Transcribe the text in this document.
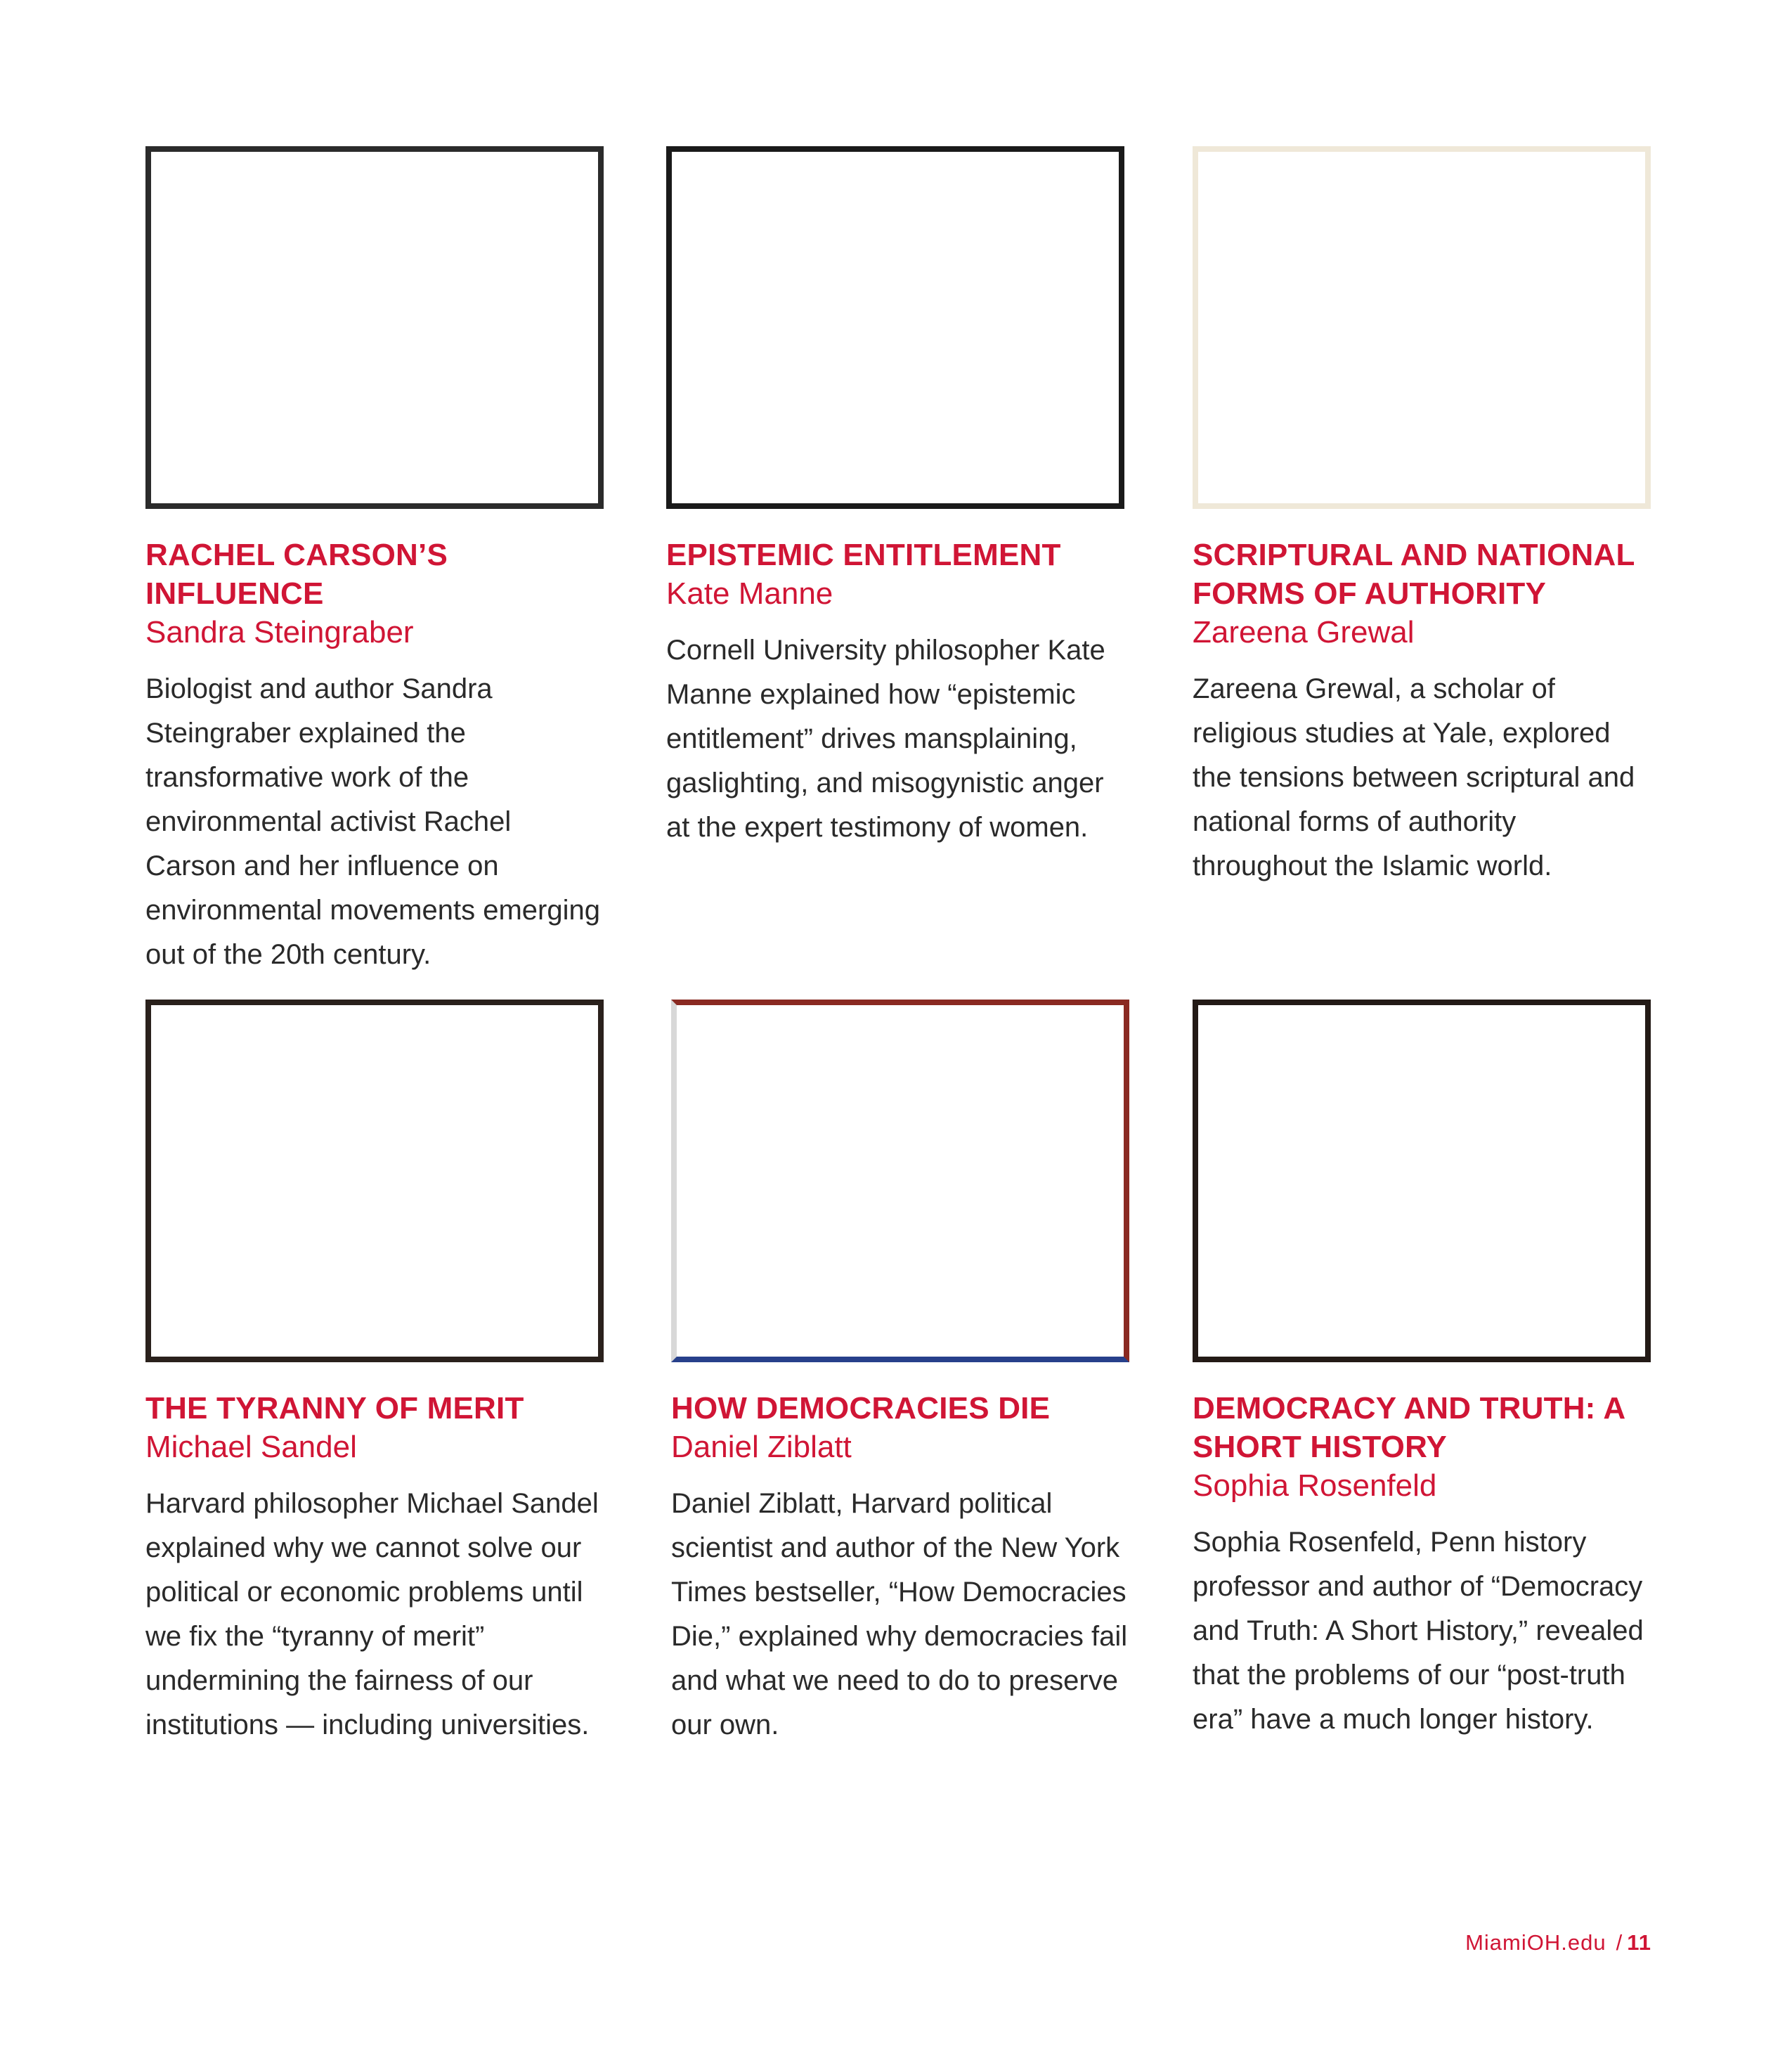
RACHEL CARSON’S INFLUENCE
Sandra Steingraber
Biologist and author Sandra Steingraber explained the transformative work of the environmental activist Rachel Carson and her influence on environmental movements emerging out of the 20th century.
EPISTEMIC ENTITLEMENT
Kate Manne
Cornell University philosopher Kate Manne explained how “epistemic entitlement” drives mansplaining, gaslighting, and misogynistic anger at the expert testimony of women.
SCRIPTURAL AND NATIONAL FORMS OF AUTHORITY
Zareena Grewal
Zareena Grewal, a scholar of religious studies at Yale, explored the tensions between scriptural and national forms of authority throughout the Islamic world.
THE TYRANNY OF MERIT
Michael Sandel
Harvard philosopher Michael Sandel explained why we cannot solve our political or economic problems until we fix the “tyranny of merit” undermining the fairness of our institutions — including universities.
HOW DEMOCRACIES DIE
Daniel Ziblatt
Daniel Ziblatt, Harvard political scientist and author of the New York Times bestseller, “How Democracies Die,” explained why democracies fail and what we need to do to preserve our own.
DEMOCRACY AND TRUTH: A SHORT HISTORY
Sophia Rosenfeld
Sophia Rosenfeld, Penn history professor and author of “Democracy and Truth: A Short History,” revealed that the problems of our “post-truth era” have a much longer history.
MiamiOH.edu / 11
